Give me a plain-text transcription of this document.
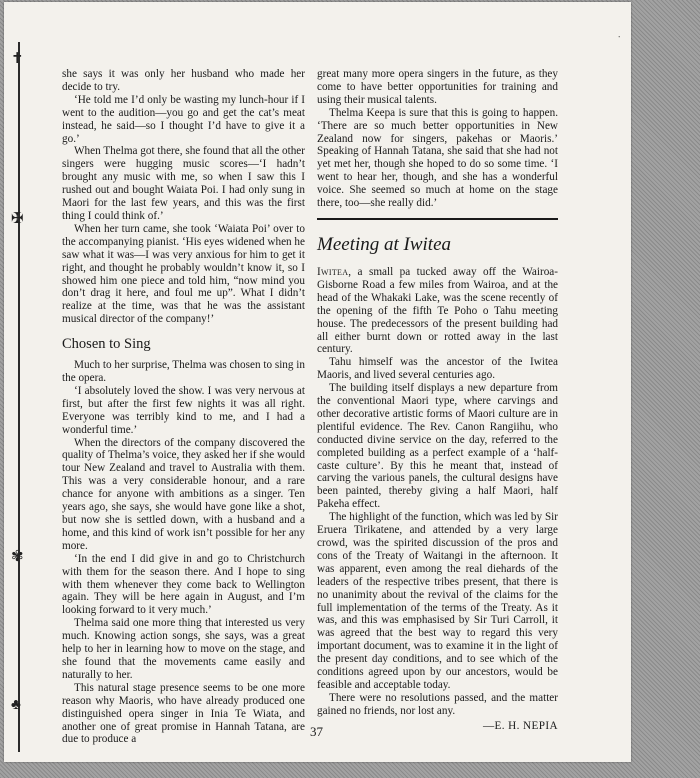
✝
✠
✾
♣
∙

she says it was only her husband who made her decide to try.

‘He told me I’d only be wasting my lunch-hour if I went to the audition—you go and get the cat’s meat instead, he said—so I thought I’d have to give it a go.’

When Thelma got there, she found that all the other singers were hugging music scores—‘I hadn’t brought any music with me, so when I saw this I rushed out and bought Waiata Poi. I had only sung in Maori for the last few years, and this was the first thing I could think of.’

When her turn came, she took ‘Waiata Poi’ over to the accompanying pianist. ‘His eyes widened when he saw what it was—I was very anxious for him to get it right, and thought he probably wouldn’t know it, so I showed him one piece and told him, “now mind you don’t drag it here, and foul me up”. What I didn’t realize at the time, was that he was the assistant musical director of the company!’

Chosen to Sing

Much to her surprise, Thelma was chosen to sing in the opera.

‘I absolutely loved the show. I was very nervous at first, but after the first few nights it was all right. Everyone was terribly kind to me, and I had a wonderful time.’

When the directors of the company discovered the quality of Thelma’s voice, they asked her if she would tour New Zealand and travel to Australia with them. This was a very considerable honour, and a rare chance for anyone with ambitions as a singer. Ten years ago, she says, she would have gone like a shot, but now she is settled down, with a husband and a home, and this kind of work isn’t possible for her any more.

‘In the end I did give in and go to Christchurch with them for the season there. And I hope to sing with them whenever they come back to Wellington again. They will be here again in August, and I’m looking forward to it very much.’

Thelma said one more thing that interested us very much. Knowing action songs, she says, was a great help to her in learning how to move on the stage, and she found that the movements came easily and naturally to her.

This natural stage presence seems to be one more reason why Maoris, who have already produced one distinguished opera singer in Inia Te Wiata, and another one of great promise in Hannah Tatana, are due to produce a

great many more opera singers in the future, as they come to have better opportunities for training and using their musical talents.

Thelma Keepa is sure that this is going to happen. ‘There are so much better opportunities in New Zealand now for singers, pakehas or Maoris.’ Speaking of Hannah Tatana, she said that she had not yet met her, though she hoped to do so some time. ‘I went to hear her, though, and she has a wonderful voice. She seemed so much at home on the stage there, too—she really did.’

Meeting at Iwitea

Iwitea, a small pa tucked away off the Wairoa-Gisborne Road a few miles from Wairoa, and at the head of the Whakaki Lake, was the scene recently of the opening of the fifth Te Poho o Tahu meeting house. The predecessors of the present building had all either burnt down or rotted away in the last century.

Tahu himself was the ancestor of the Iwitea Maoris, and lived several centuries ago.

The building itself displays a new departure from the conventional Maori type, where carvings and other decorative artistic forms of Maori culture are in plentiful evidence. The Rev. Canon Rangiihu, who conducted divine service on the day, referred to the completed building as a perfect example of a ‘half-caste culture’. By this he meant that, instead of carving the various panels, the cultural designs have been painted, thereby giving a half Maori, half Pakeha effect.

The highlight of the function, which was led by Sir Eruera Tirikatene, and attended by a very large crowd, was the spirited discussion of the pros and cons of the Treaty of Waitangi in the afternoon. It was apparent, even among the real diehards of the leaders of the respective tribes present, that there is no unanimity about the revival of the claims for the full implementation of the terms of the Treaty. As it was, and this was emphasised by Sir Turi Carroll, it was agreed that the best way to regard this very important document, was to examine it in the light of the present day conditions, and to see which of the conditions agreed upon by our ancestors, would be feasible and acceptable today.

There were no resolutions passed, and the matter gained no friends, nor lost any.

—E. H. NEPIA
37
